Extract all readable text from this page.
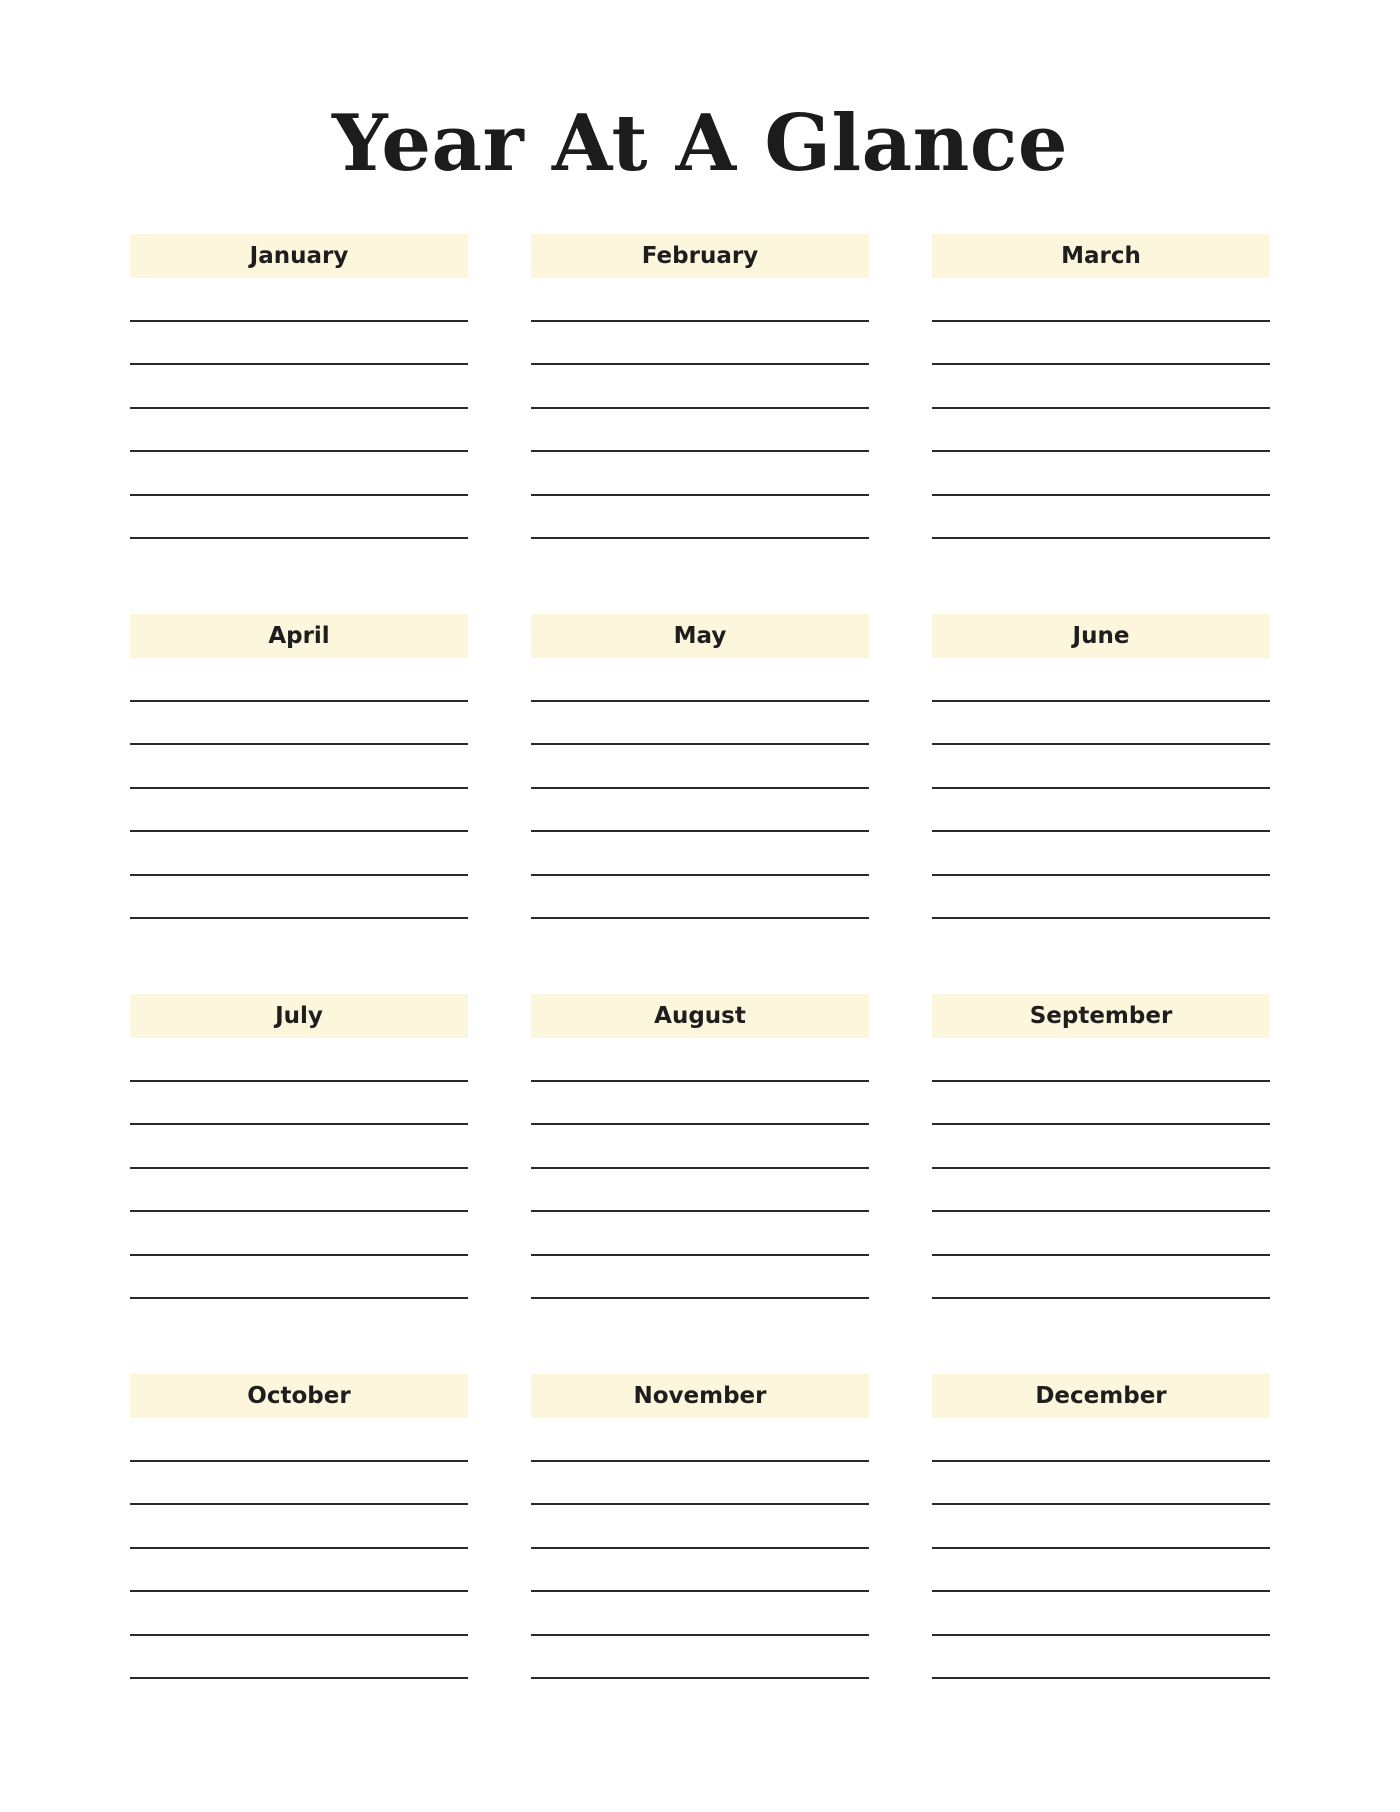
Year At A Glance
January	February	March
April	May	June
July	August	September
October	November	December
